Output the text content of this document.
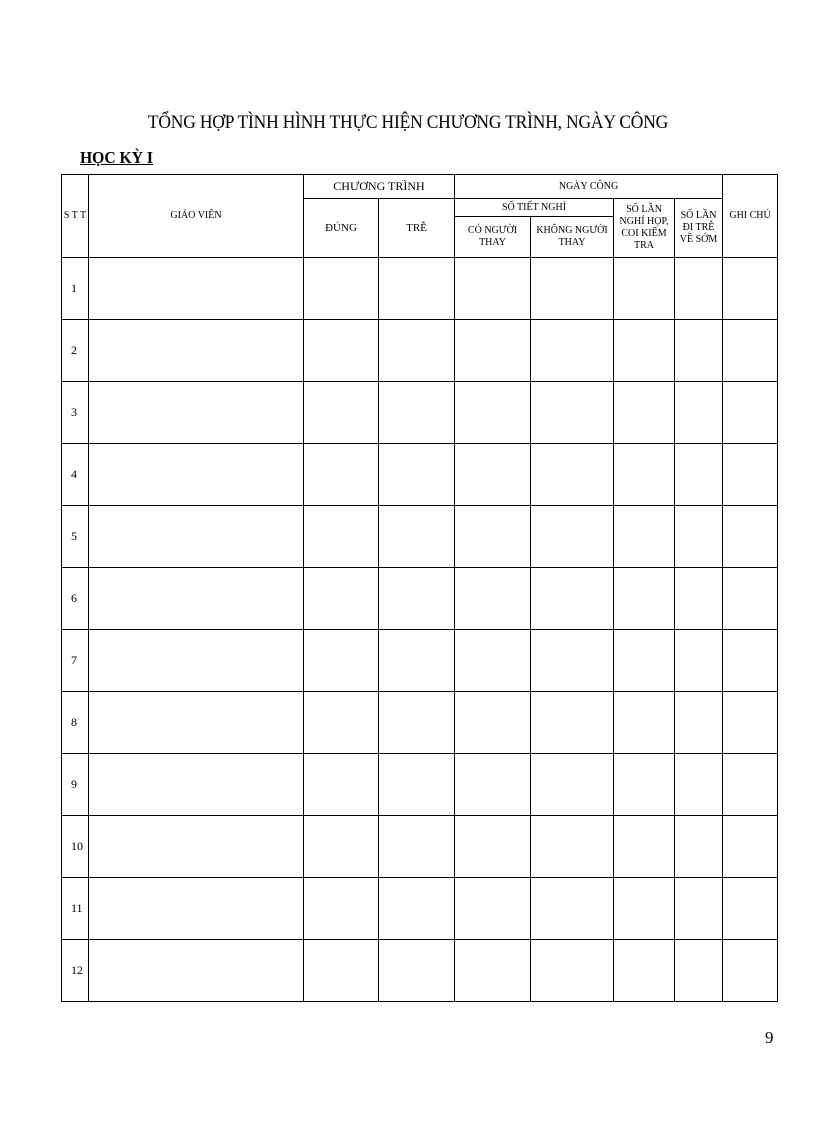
TỔNG HỢP TÌNH HÌNH THỰC HIỆN CHƯƠNG TRÌNH, NGÀY CÔNG
HỌC KỲ I
S T T	GIÁO VIÊN	CHƯƠNG TRÌNH		NGÀY CÔNG				GHI CHÚ
		ĐÚNG	TRỄ	SỐ TIẾT NGHỈ		SỐ LẦN NGHỈ HỌP, COI KIỂM TRA	SỐ LẦN ĐI TRỄ VỀ SỚM	
				CÓ NGƯỜI THAY	KHÔNG NGƯỜI THAY			
1								
2								
3								
4								
5								
6								
7								
8								
9								
10								
11								
12								
9
